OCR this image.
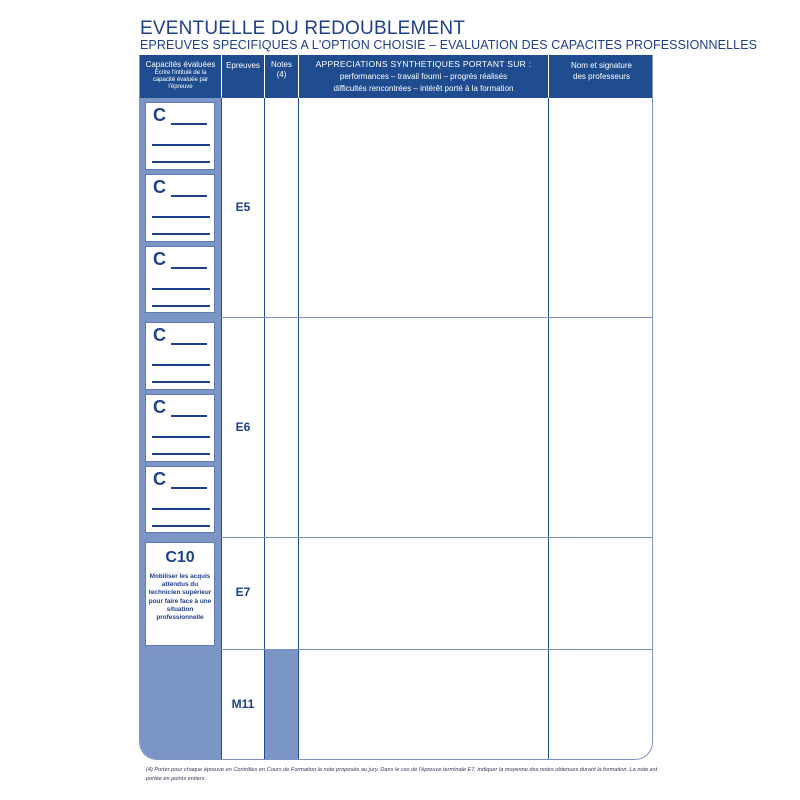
EVENTUELLE DU REDOUBLEMENT
EPREUVES SPECIFIQUES A L'OPTION CHOISIE – EVALUATION DES CAPACITES PROFESSIONNELLES
`
Capacités évaluées
Écrire l'intitulé de la capacité évaluée par l'épreuve
Epreuves	Notes
(4)
APPRECIATIONS SYNTHETIQUES PORTANT SUR :
performances – travail fourni – progrès réalisés
difficultés rencontrées – intérêt porté à la formation
Nom et signature
des professeurs
C
C
C
C
C
C
C10
Mobiliser les acquis attendus du technicien supérieur pour faire face à une situation professionnelle
E5
E6
E7
M11
(4) Porter pour chaque épreuve en Contrôles en Cours de Formation la note proposée au jury. Dans le cas de l'épreuve terminale E7, indiquer la moyenne des notes obtenues durant la formation. La note est portée en points entiers.
